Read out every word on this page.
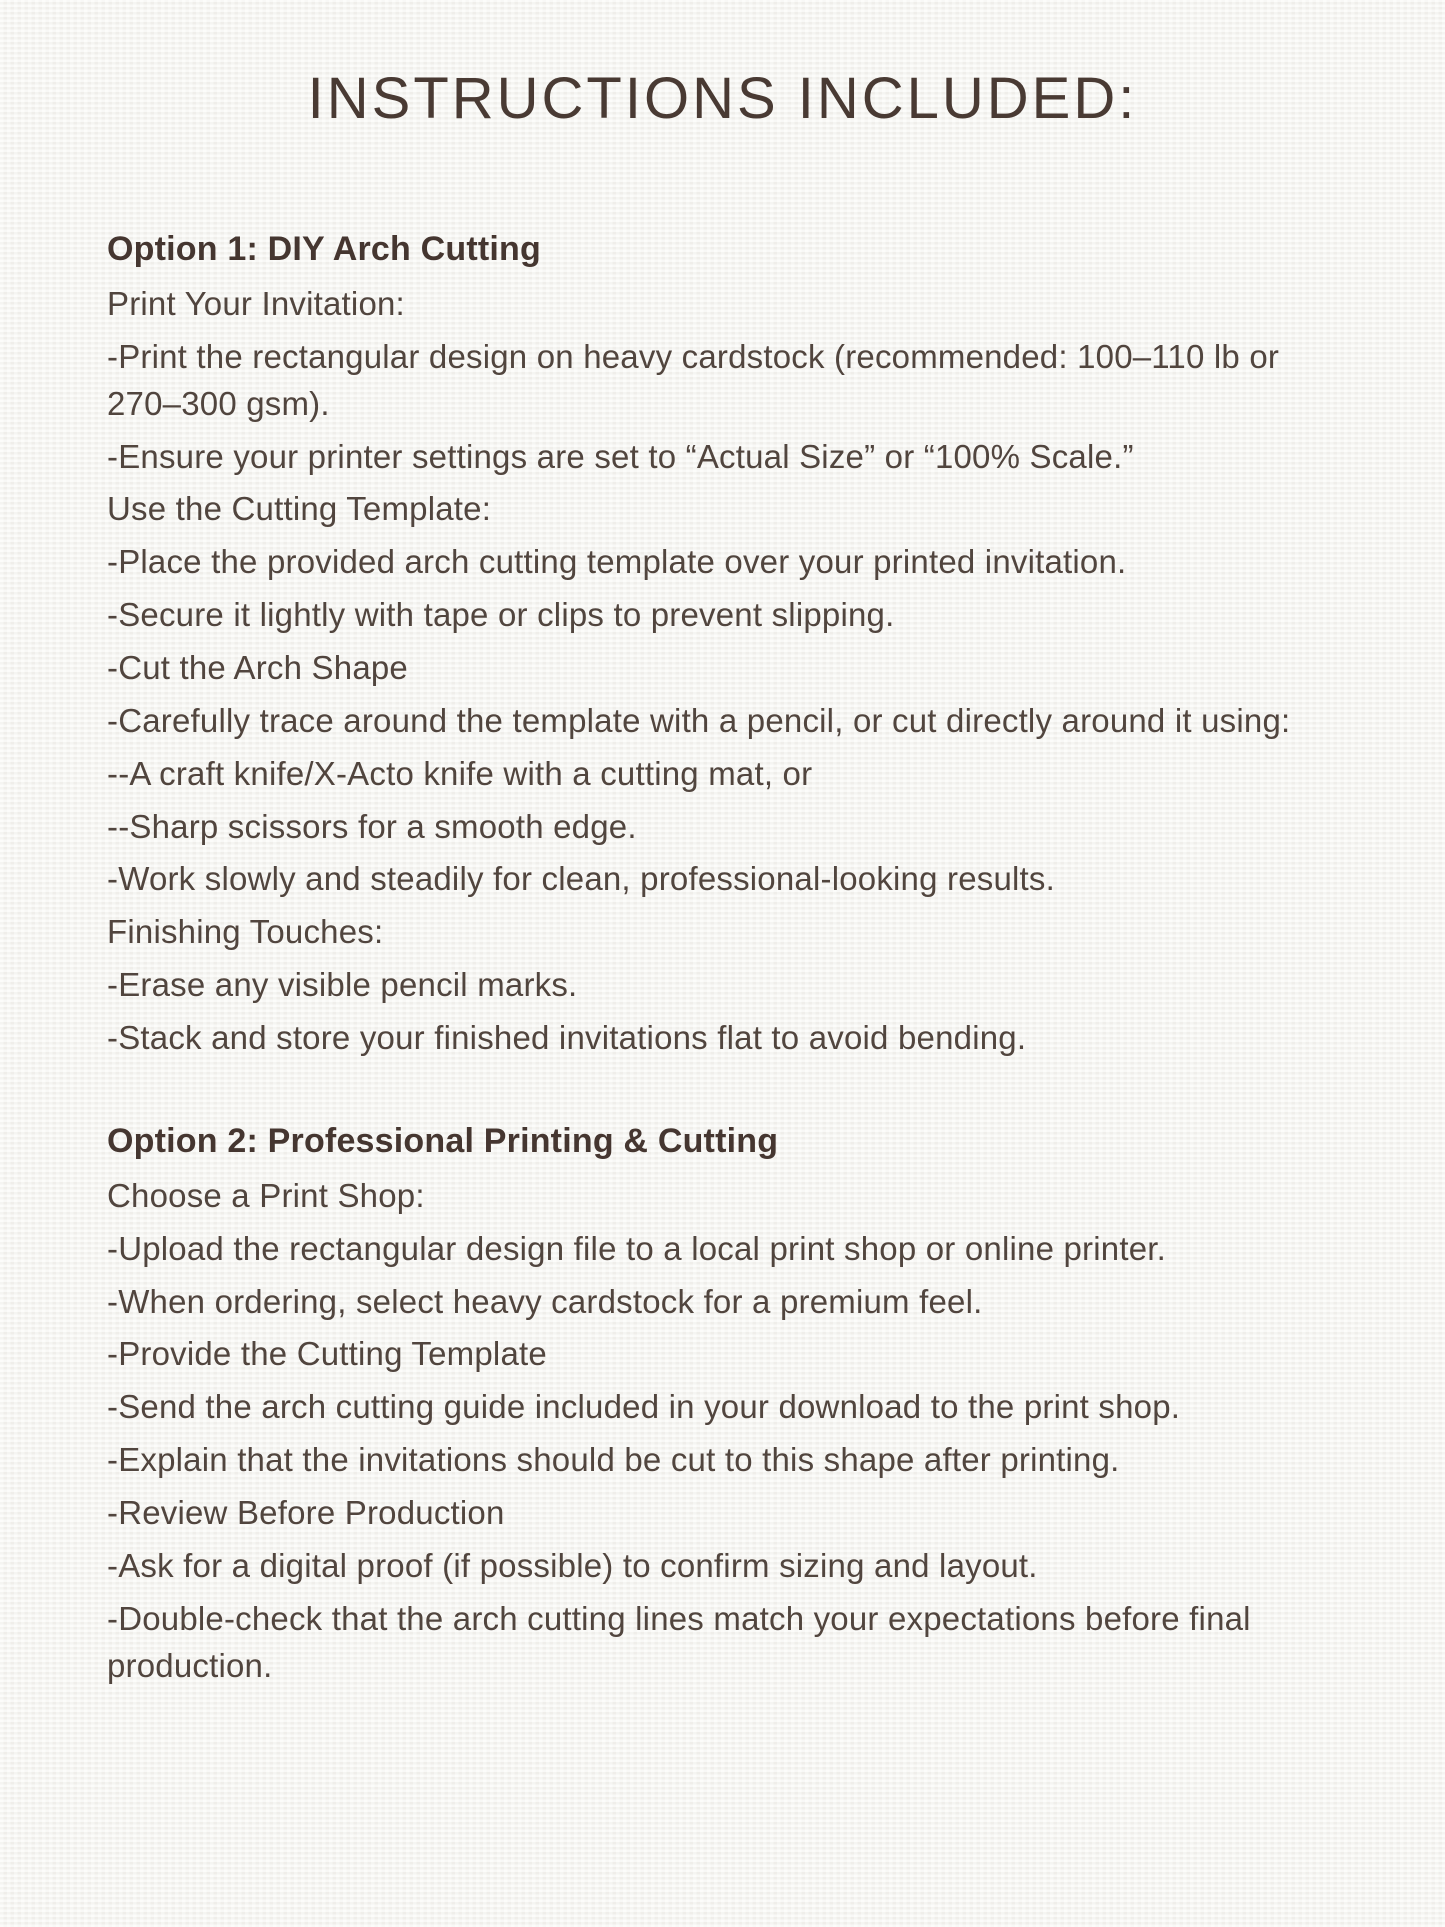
INSTRUCTIONS INCLUDED:
Option 1: DIY Arch Cutting

Print Your Invitation:

-Print the rectangular design on heavy cardstock (recommended: 100–110 lb or 270–300 gsm).

-Ensure your printer settings are set to “Actual Size” or “100% Scale.”

Use the Cutting Template:

-Place the provided arch cutting template over your printed invitation.

-Secure it lightly with tape or clips to prevent slipping.

-Cut the Arch Shape

-Carefully trace around the template with a pencil, or cut directly around it using:

--A craft knife/X-Acto knife with a cutting mat, or

--Sharp scissors for a smooth edge.

-Work slowly and steadily for clean, professional-looking results.

Finishing Touches:

-Erase any visible pencil marks.

-Stack and store your finished invitations flat to avoid bending.

Option 2: Professional Printing & Cutting

Choose a Print Shop:

-Upload the rectangular design file to a local print shop or online printer.

-When ordering, select heavy cardstock for a premium feel.

-Provide the Cutting Template

-Send the arch cutting guide included in your download to the print shop.

-Explain that the invitations should be cut to this shape after printing.

-Review Before Production

-Ask for a digital proof (if possible) to confirm sizing and layout.

-Double-check that the arch cutting lines match your expectations before final production.
